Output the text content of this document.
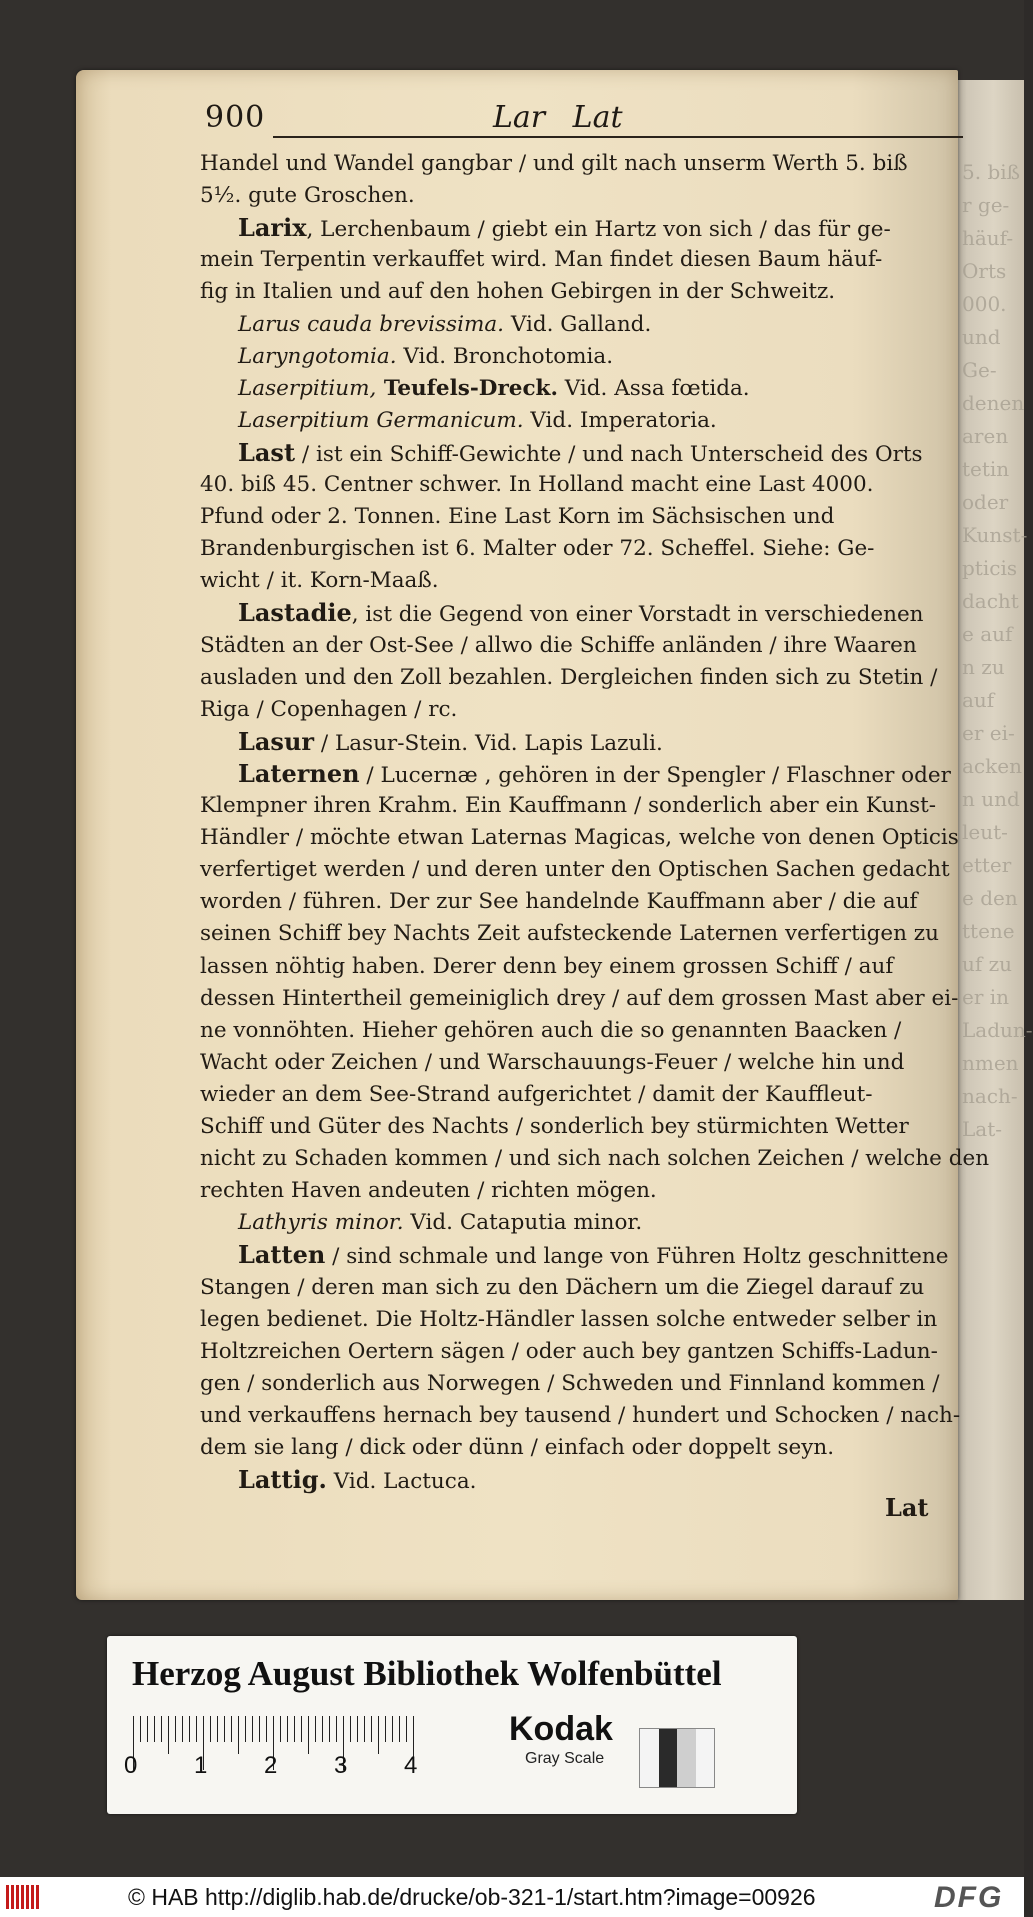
5. biß
r ge-
häuf-
Orts
000.
und
Ge-
denen
aren
tetin
oder
Kunst-
pticis
dacht
e auf
n zu
auf
er ei-
acken
n und
leut-
etter
e den
ttene
uf zu
er in
Ladun-
nmen
nach-
Lat-
900	Lar Lat
Handel und Wandel gangbar / und gilt nach unserm Werth 5. biß
5½. gute Groschen.
Larix, Lerchenbaum / giebt ein Hartz von sich / das für ge-
mein Terpentin verkauffet wird. Man findet diesen Baum häuf-
fig in Italien und auf den hohen Gebirgen in der Schweitz.
Larus cauda brevissima. Vid. Galland.
Laryngotomia. Vid. Bronchotomia.
Laserpitium, Teufels-Dreck. Vid. Assa fœtida.
Laserpitium Germanicum. Vid. Imperatoria.
Last / ist ein Schiff-Gewichte / und nach Unterscheid des Orts
40. biß 45. Centner schwer. In Holland macht eine Last 4000.
Pfund oder 2. Tonnen. Eine Last Korn im Sächsischen und
Brandenburgischen ist 6. Malter oder 72. Scheffel. Siehe: Ge-
wicht / it. Korn-Maaß.
Lastadie, ist die Gegend von einer Vorstadt in verschiedenen
Städten an der Ost-See / allwo die Schiffe anländen / ihre Waaren
ausladen und den Zoll bezahlen. Dergleichen finden sich zu Stetin /
Riga / Copenhagen / rc.
Lasur / Lasur-Stein. Vid. Lapis Lazuli.
Laternen / Lucernæ , gehören in der Spengler / Flaschner oder
Klempner ihren Krahm. Ein Kauffmann / sonderlich aber ein Kunst-
Händler / möchte etwan Laternas Magicas, welche von denen Opticis
verfertiget werden / und deren unter den Optischen Sachen gedacht
worden / führen. Der zur See handelnde Kauffmann aber / die auf
seinen Schiff bey Nachts Zeit aufsteckende Laternen verfertigen zu
lassen nöhtig haben. Derer denn bey einem grossen Schiff / auf
dessen Hintertheil gemeiniglich drey / auf dem grossen Mast aber ei-
ne vonnöhten. Hieher gehören auch die so genannten Baacken /
Wacht oder Zeichen / und Warschauungs-Feuer / welche hin und
wieder an dem See-Strand aufgerichtet / damit der Kauffleut-
Schiff und Güter des Nachts / sonderlich bey stürmichten Wetter
nicht zu Schaden kommen / und sich nach solchen Zeichen / welche den
rechten Haven andeuten / richten mögen.
Lathyris minor. Vid. Cataputia minor.
Latten / sind schmale und lange von Führen Holtz geschnittene
Stangen / deren man sich zu den Dächern um die Ziegel darauf zu
legen bedienet. Die Holtz-Händler lassen solche entweder selber in
Holtzreichen Oertern sägen / oder auch bey gantzen Schiffs-Ladun-
gen / sonderlich aus Norwegen / Schweden und Finnland kommen /
und verkauffens hernach bey tausend / hundert und Schocken / nach-
dem sie lang / dick oder dünn / einfach oder doppelt seyn.
Lattig. Vid. Lactuca.
Lat
Herzog August Bibliothek Wolfenbüttel
0 1 2 3 4
Kodak
Gray Scale
© HAB http://diglib.hab.de/drucke/ob-321-1/start.htm?image=00926	DFG
